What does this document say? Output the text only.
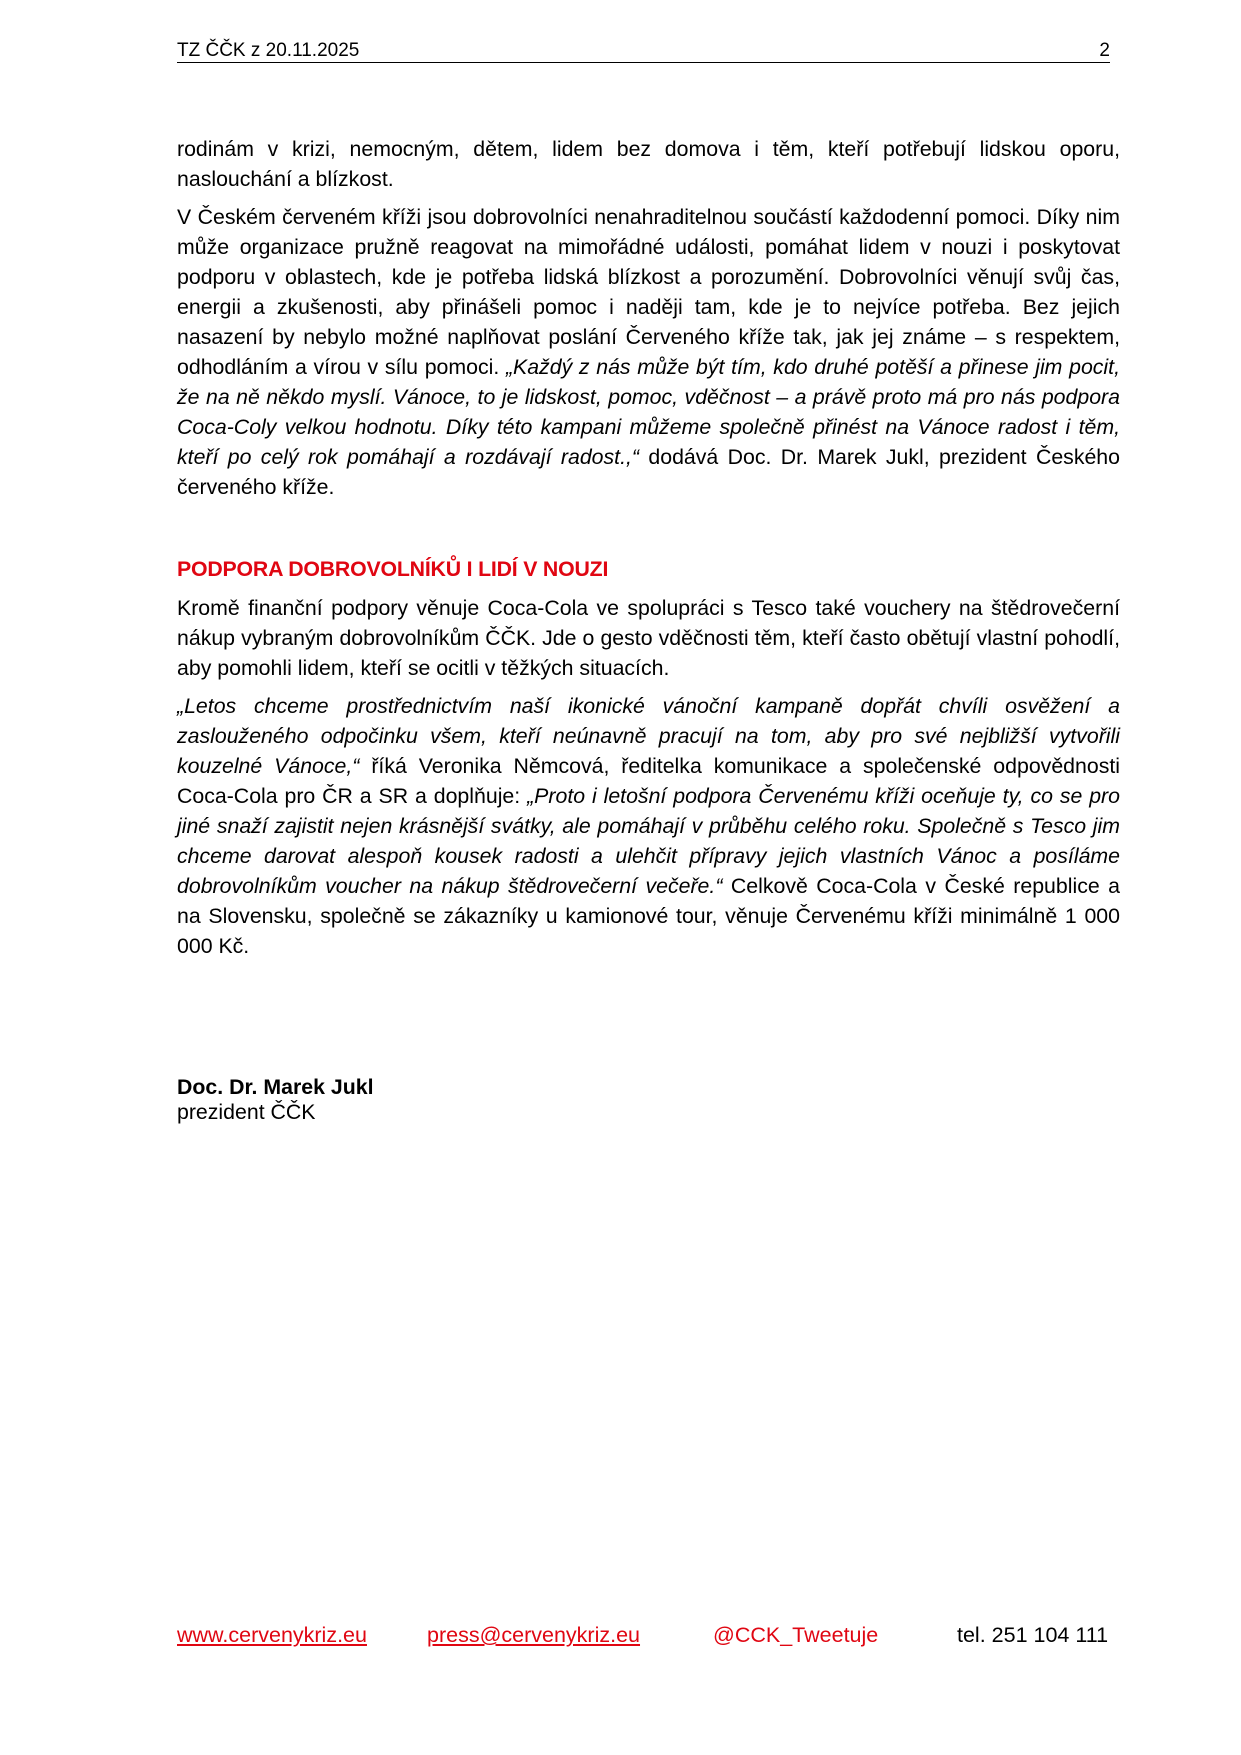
TZ ČČK z 20.11.2025	2

rodinám v krizi, nemocným, dětem, lidem bez domova i těm, kteří potřebují lidskou oporu, naslouchání a blízkost.

V Českém červeném kříži jsou dobrovolníci nenahraditelnou součástí každodenní pomoci. Díky nim může organizace pružně reagovat na mimořádné události, pomáhat lidem v nouzi i poskytovat podporu v oblastech, kde je potřeba lidská blízkost a porozumění. Dobrovolníci věnují svůj čas, energii a zkušenosti, aby přinášeli pomoc i naději tam, kde je to nejvíce potřeba. Bez jejich nasazení by nebylo možné naplňovat poslání Červeného kříže tak, jak jej známe – s respektem, odhodláním a vírou v sílu pomoci. „Každý z nás může být tím, kdo druhé potěší a přinese jim pocit, že na ně někdo myslí. Vánoce, to je lidskost, pomoc, vděčnost – a právě proto má pro nás podpora Coca-Coly velkou hodnotu. Díky této kampani můžeme společně přinést na Vánoce radost i těm, kteří po celý rok pomáhají a rozdávají radost.,“ dodává Doc. Dr. Marek Jukl, prezident Českého červeného kříže.

PODPORA DOBROVOLNÍKŮ I LIDÍ V NOUZI

Kromě finanční podpory věnuje Coca-Cola ve spolupráci s Tesco také vouchery na štědrovečerní nákup vybraným dobrovolníkům ČČK. Jde o gesto vděčnosti těm, kteří často obětují vlastní pohodlí, aby pomohli lidem, kteří se ocitli v těžkých situacích.

„Letos chceme prostřednictvím naší ikonické vánoční kampaně dopřát chvíli osvěžení a zaslouženého odpočinku všem, kteří neúnavně pracují na tom, aby pro své nejbližší vytvořili kouzelné Vánoce,“ říká Veronika Němcová, ředitelka komunikace a společenské odpovědnosti Coca-Cola pro ČR a SR a doplňuje: „Proto i letošní podpora Červenému kříži oceňuje ty, co se pro jiné snaží zajistit nejen krásnější svátky, ale pomáhají v průběhu celého roku. Společně s Tesco jim chceme darovat alespoň kousek radosti a ulehčit přípravy jejich vlastních Vánoc a posíláme dobrovolníkům voucher na nákup štědrovečerní večeře.“ Celkově Coca-Cola v České republice a na Slovensku, společně se zákazníky u kamionové tour, věnuje Červenému kříži minimálně 1 000 000 Kč.

Doc. Dr. Marek Jukl
prezident ČČK
www.cervenykriz.eu	press@cervenykriz.eu	@CCK_Tweetuje	tel. 251 104 111
